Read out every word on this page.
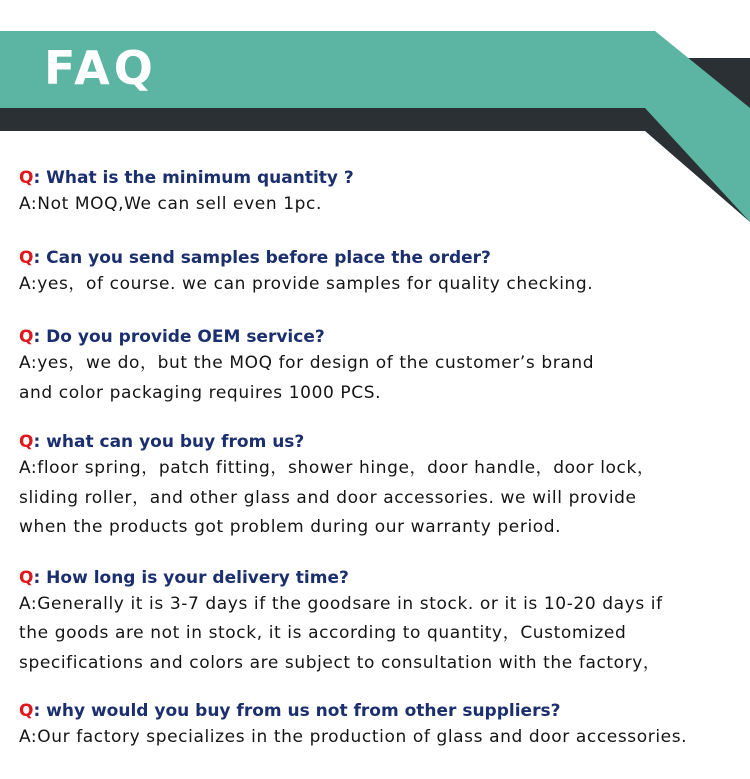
FAQ
Q: What is the minimum quantity ?
A:Not MOQ,We can sell even 1pc.
Q: Can you send samples before place the order?
A:yes，of course. we can provide samples for quality checking.
Q: Do you provide OEM service?
A:yes，we do，but the MOQ for design of the customer’s brand
and color packaging requires 1000 PCS.
Q: what can you buy from us?
A:floor spring，patch fitting，shower hinge，door handle，door lock，
sliding roller，and other glass and door accessories. we will provide
when the products got problem during our warranty period.
Q: How long is your delivery time?
A:Generally it is 3-7 days if the goodsare in stock. or it is 10-20 days if
the goods are not in stock, it is according to quantity，Customized
specifications and colors are subject to consultation with the factory，
Q: why would you buy from us not from other suppliers?
A:Our factory specializes in the production of glass and door accessories.
